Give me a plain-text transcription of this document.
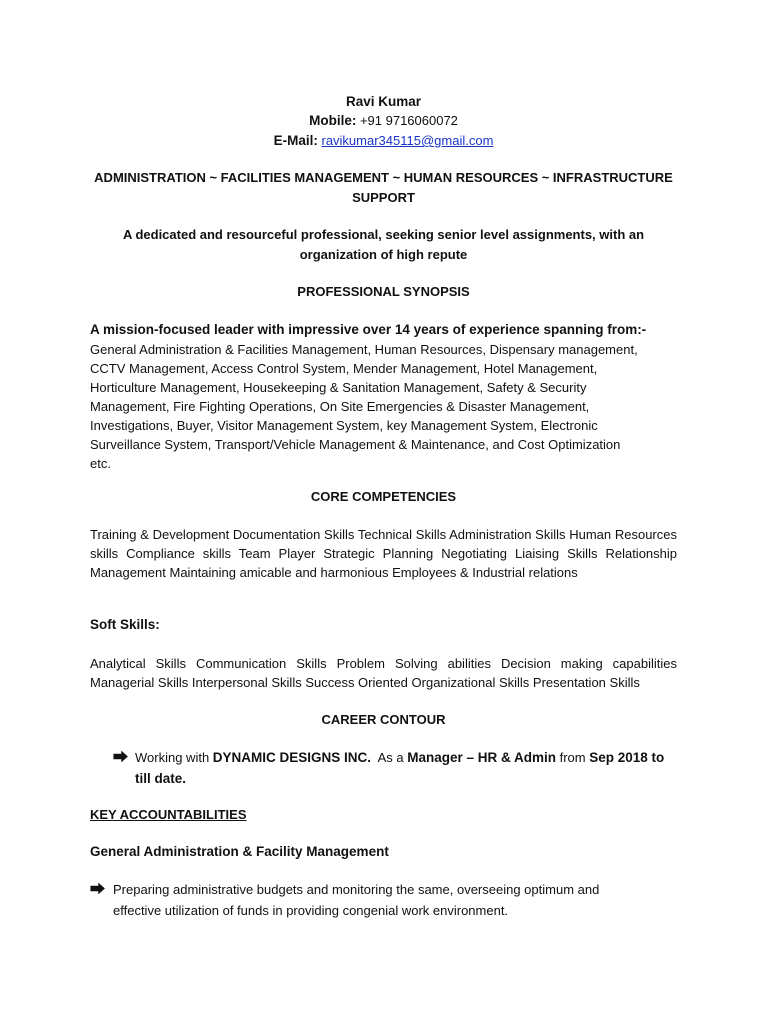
Ravi Kumar
Mobile: +91 9716060072
E-Mail: ravikumar345115@gmail.com
ADMINISTRATION ~ FACILITIES MANAGEMENT ~ HUMAN RESOURCES ~ INFRASTRUCTURE
SUPPORT
A dedicated and resourceful professional, seeking senior level assignments, with an
organization of high repute
PROFESSIONAL SYNOPSIS
A mission-focused leader with impressive over 14 years of experience spanning from:-
General Administration & Facilities Management, Human Resources, Dispensary management,
CCTV Management, Access Control System, Mender Management, Hotel Management,
Horticulture Management, Housekeeping & Sanitation Management, Safety & Security
Management, Fire Fighting Operations, On Site Emergencies & Disaster Management,
Investigations, Buyer, Visitor Management System, key Management System, Electronic
Surveillance System, Transport/Vehicle Management & Maintenance, and Cost Optimization
etc.
CORE COMPETENCIES
Training & Development Documentation Skills Technical Skills Administration Skills Human Resources skills Compliance skills Team Player Strategic Planning Negotiating Liaising Skills Relationship Management Maintaining amicable and harmonious Employees & Industrial relations
Soft Skills:
Analytical Skills Communication Skills Problem Solving abilities Decision making capabilities Managerial Skills Interpersonal Skills Success Oriented Organizational Skills Presentation Skills
CAREER CONTOUR
⮕ Working with DYNAMIC DESIGNS INC.  As a Manager – HR & Admin from Sep 2018 to
till date.
KEY ACCOUNTABILITIES
General Administration & Facility Management
⮕ Preparing administrative budgets and monitoring the same, overseeing optimum and
effective utilization of funds in providing congenial work environment.
